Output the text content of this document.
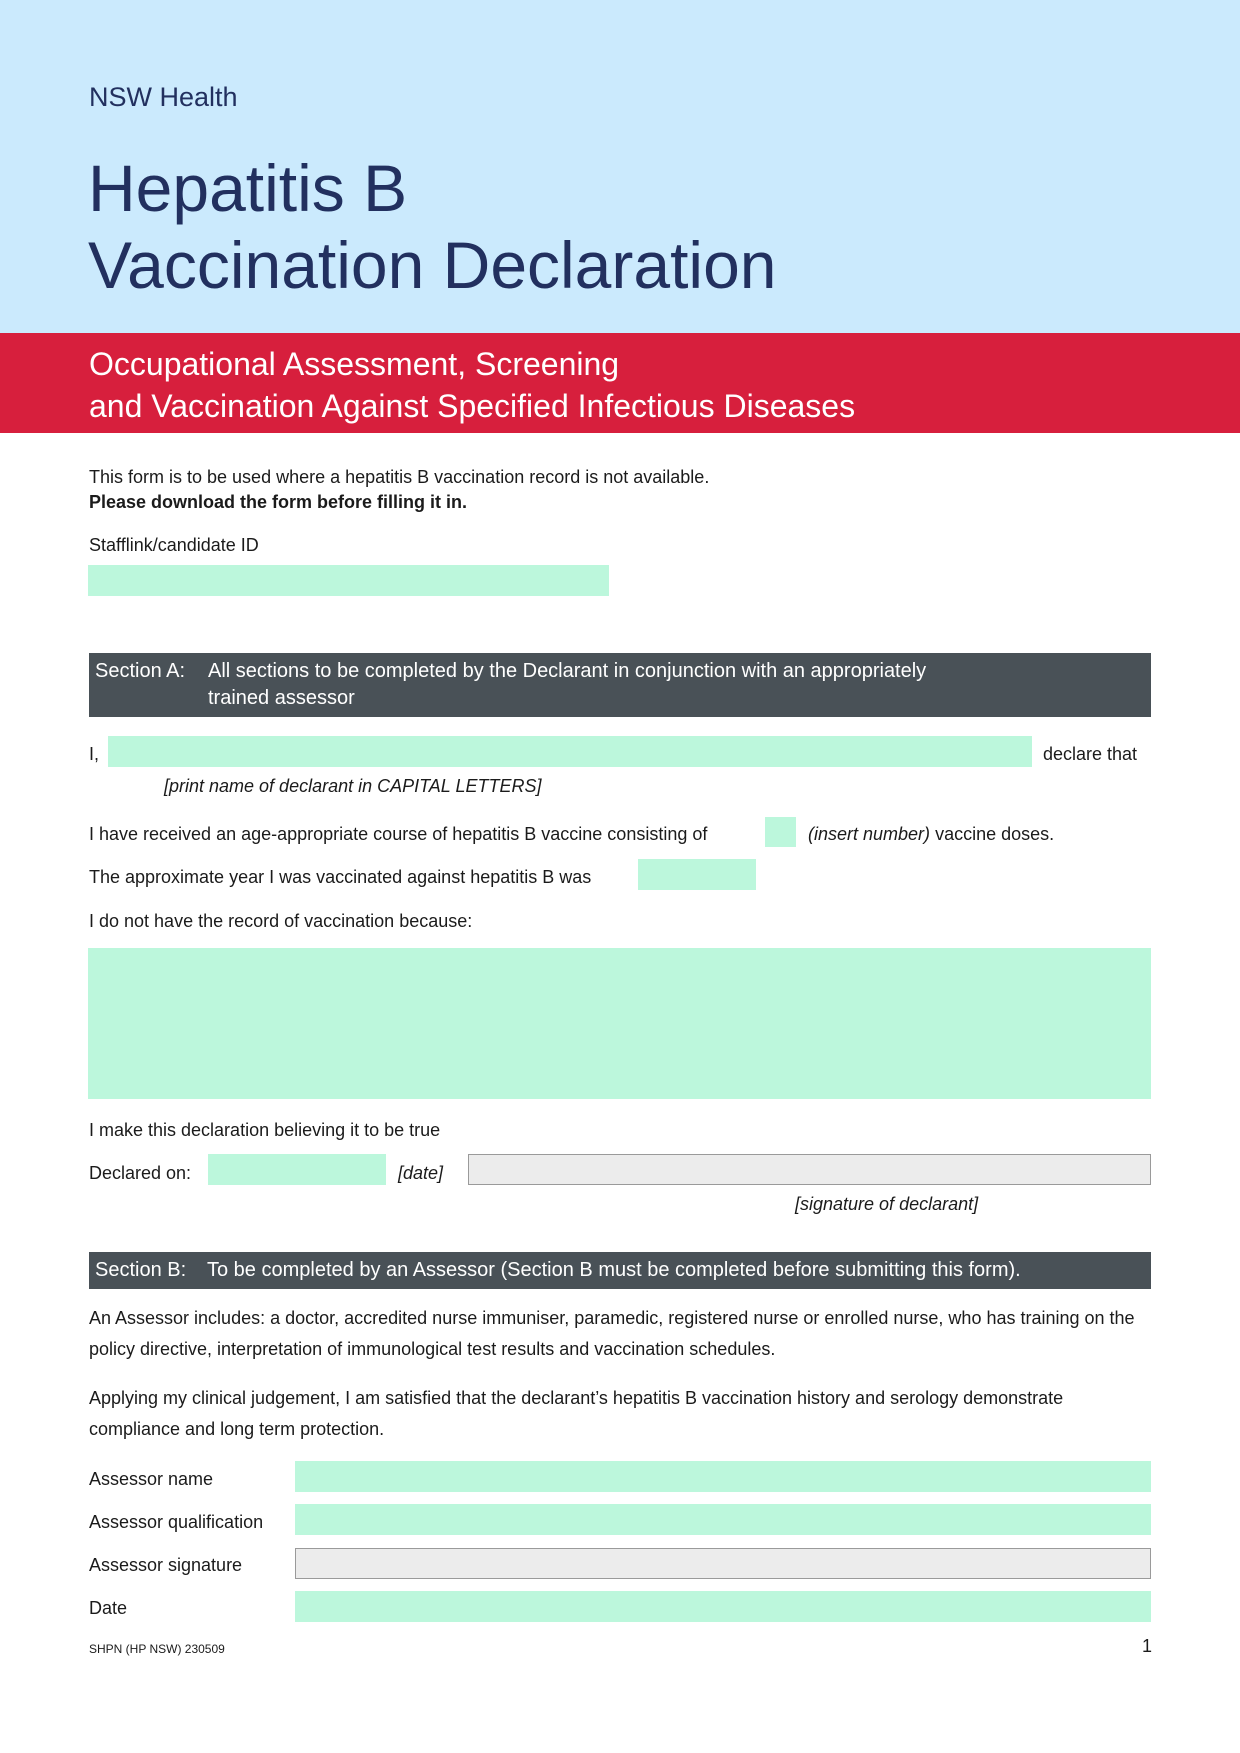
NSW Health
Hepatitis B
Vaccination Declaration
Occupational Assessment, Screening
and Vaccination Against Specified Infectious Diseases
This form is to be used where a hepatitis B vaccination record is not available.
Please download the form before filling it in.
Stafflink/candidate ID
Section A: All sections to be completed by the Declarant in conjunction with an appropriately
trained assessor
I,	declare that
[print name of declarant in CAPITAL LETTERS]
I have received an age-appropriate course of hepatitis B vaccine consisting of	(insert number) vaccine doses.
The approximate year I was vaccinated against hepatitis B was
I do not have the record of vaccination because:
I make this declaration believing it to be true
Declared on:	[date]
[signature of declarant]
Section B: To be completed by an Assessor (Section B must be completed before submitting this form).
An Assessor includes: a doctor, accredited nurse immuniser, paramedic, registered nurse or enrolled nurse, who has training on the policy directive, interpretation of immunological test results and vaccination schedules.
Applying my clinical judgement, I am satisfied that the declarant’s hepatitis B vaccination history and serology demonstrate compliance and long term protection.
Assessor name
Assessor qualification
Assessor signature
Date
SHPN (HP NSW) 230509	1
